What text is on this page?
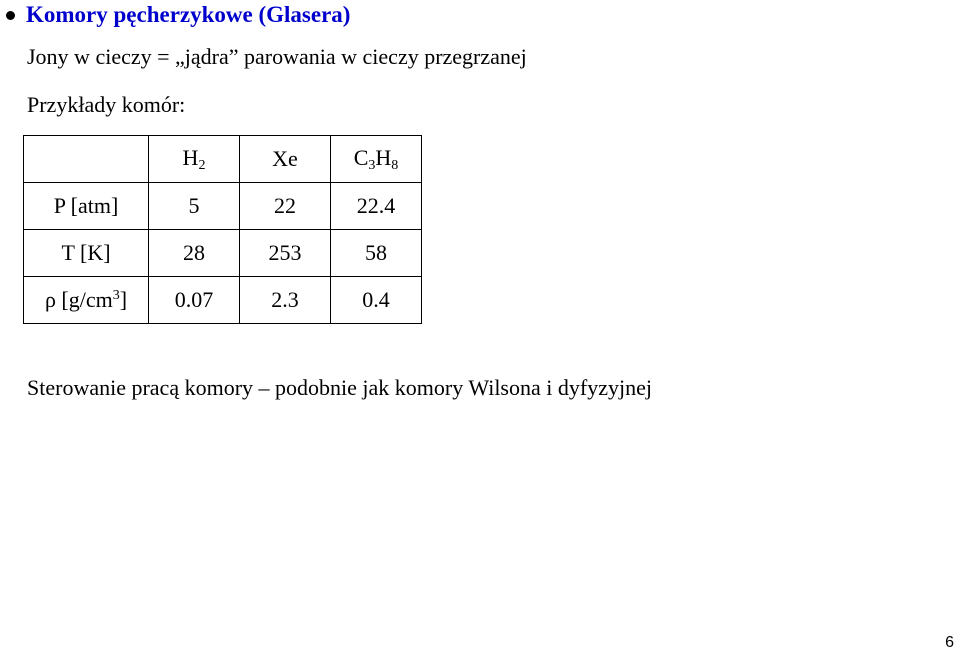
Komory pęcherzykowe (Glasera)
Jony w cieczy = „jądra” parowania w cieczy przegrzanej
Przykłady komór:
	$H_2$	Xe	$C_3H_8$
P [atm]	5	22	22.4
T [K]	28	253	58
ρ $[g/cm^3]$	0.07	2.3	0.4
Sterowanie pracą komory – podobnie jak komory Wilsona i dyfyzyjnej
6
